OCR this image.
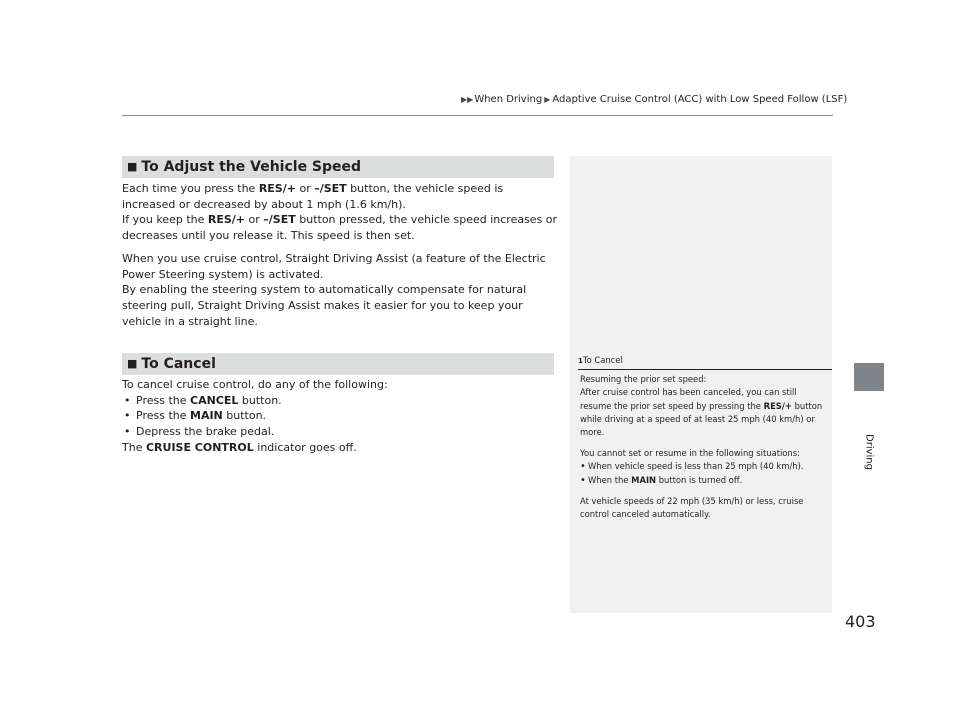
▶▶When Driving ▶ Adaptive Cruise Control (ACC) with Low Speed Follow (LSF)
Driving
■ To Adjust the Vehicle Speed

Each time you press the RES/+ or –/SET button, the vehicle speed is increased or decreased by about 1 mph (1.6 km/h).

If you keep the RES/+ or –/SET button pressed, the vehicle speed increases or decreases until you release it. This speed is then set.

When you use cruise control, Straight Driving Assist (a feature of the Electric Power Steering system) is activated.

By enabling the steering system to automatically compensate for natural steering pull, Straight Driving Assist makes it easier for you to keep your vehicle in a straight line.

■ To Cancel

To cancel cruise control, do any of the following:

• Press the CANCEL button.
• Press the MAIN button.
• Depress the brake pedal.

The CRUISE CONTROL indicator goes off.

1To Cancel

Resuming the prior set speed:

After cruise control has been canceled, you can still resume the prior set speed by pressing the RES/+ button while driving at a speed of at least 25 mph (40 km/h) or more.

You cannot set or resume in the following situations:

• When vehicle speed is less than 25 mph (40 km/h).
• When the MAIN button is turned off.

At vehicle speeds of 22 mph (35 km/h) or less, cruise control canceled automatically.

403
